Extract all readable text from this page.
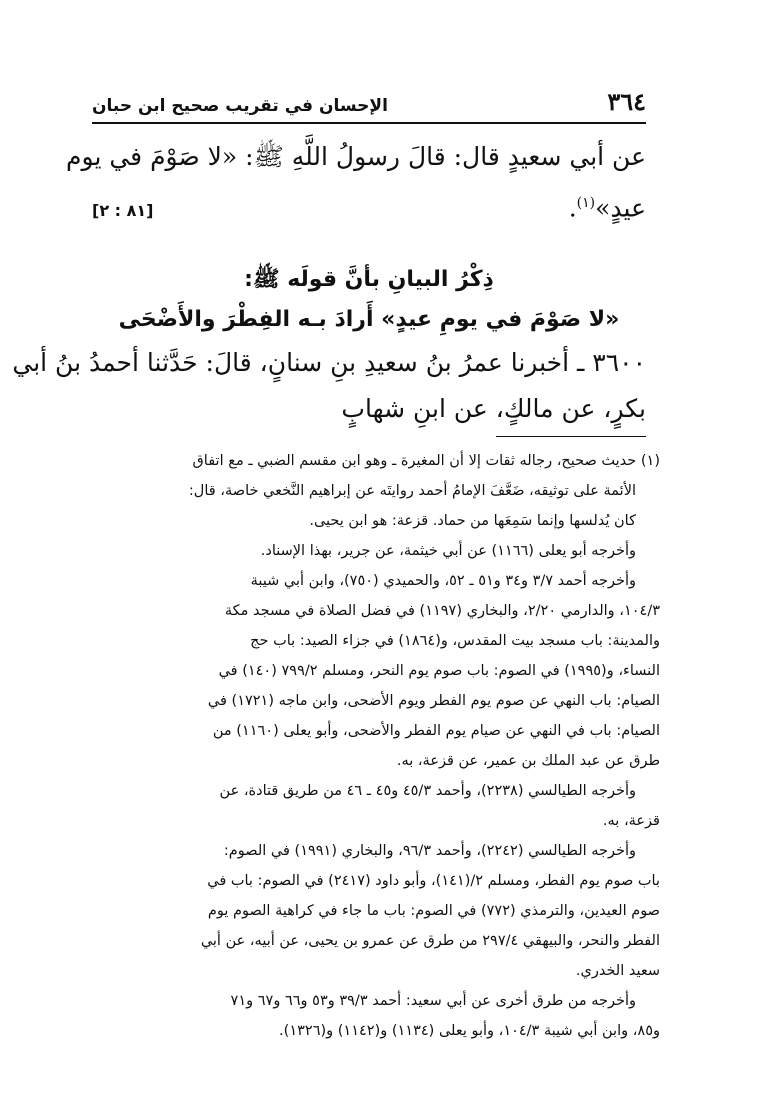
٣٦٤
الإحسان في تقريب صحيح ابن حبان
عن أبي سعيدٍ قال: قالَ رسولُ اللَّهِ ﷺ: «لا صَوْمَ في يوم
عيدٍ»$^{(١)}$.
[٨١ : ٢]
ذِكْرُ البيانِ بأنَّ قولَه ﷺ:
«لا صَوْمَ في يومِ عيدٍ» أَرادَ بـه الفِطْرَ والأَضْحَى
٣٦٠٠ ـ أخبرنا عمرُ بنُ سعيدِ بنِ سنانٍ، قالَ: حَدَّثنا أحمدُ بنُ أبي
بكرٍ، عن مالكٍ، عن ابنِ شهابٍ
(١) حديث صحيح، رجاله ثقات إلا أن المغيرة ـ وهو ابن مقسم الضبي ـ مع اتفاق
الأئمة على توثيقه، ضَعَّفَ الإمامُ أحمد روايتَه عن إبراهيم النَّخعي خاصة، قال:
كان يُدلسها وإنما سَمِعَها من حماد. قزعة: هو ابن يحيى.
وأخرجه أبو يعلى (١١٦٦) عن أبي خيثمة، عن جرير، بهذا الإسناد.
وأخرجه أحمد ٣/٧ و٣٤ و٥١ ـ ٥٢، والحميدي (٧٥٠)، وابن أبي شيبة
١٠٤/٣، والدارمي ٢/٢٠، والبخاري (١١٩٧) في فضل الصلاة في مسجد مكة
والمدينة: باب مسجد بيت المقدس، و(١٨٦٤) في جزاء الصيد: باب حج
النساء، و(١٩٩٥) في الصوم: باب صوم يوم النحر، ومسلم ٧٩٩/٢ (١٤٠) في
الصيام: باب النهي عن صوم يوم الفطر ويوم الأضحى، وابن ماجه (١٧٢١) في
الصيام: باب في النهي عن صيام يوم الفطر والأضحى، وأبو يعلى (١١٦٠) من
طرق عن عبد الملك بن عمير، عن قزعة، به.
وأخرجه الطيالسي (٢٢٣٨)، وأحمد ٤٥/٣ و٤٥ ـ ٤٦ من طريق قتادة، عن
قزعة، به.
وأخرجه الطيالسي (٢٢٤٢)، وأحمد ٩٦/٣، والبخاري (١٩٩١) في الصوم:
باب صوم يوم الفطر، ومسلم ٢/(١٤١)، وأبو داود (٢٤١٧) في الصوم: باب في
صوم العيدين، والترمذي (٧٧٢) في الصوم: باب ما جاء في كراهية الصوم يوم
الفطر والنحر، والبيهقي ٢٩٧/٤ من طرق عن عمرو بن يحيى، عن أبيه، عن أبي
سعيد الخدري.
وأخرجه من طرق أخرى عن أبي سعيد: أحمد ٣٩/٣ و٥٣ و٦٦ و٦٧ و٧١
و٨٥، وابن أبي شيبة ١٠٤/٣، وأبو يعلى (١١٣٤) و(١١٤٢) و(١٣٢٦).
